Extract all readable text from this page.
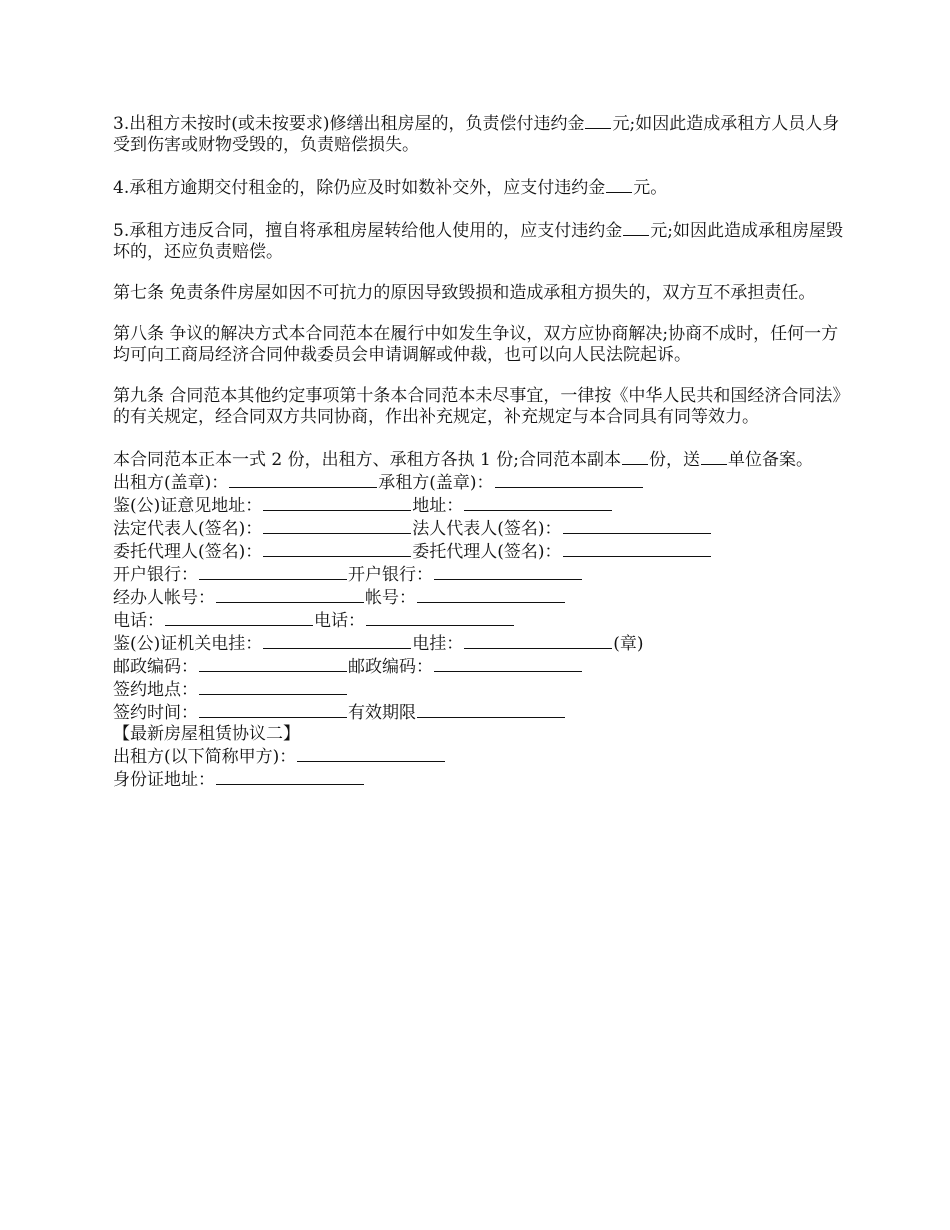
3.出租方未按时(或未按要求)修缮出租房屋的，负责偿付违约金 元;如因此造成承租方人员人身受到伤害或财物受毁的，负责赔偿损失。

4.承租方逾期交付租金的，除仍应及时如数补交外，应支付违约金 元。

5.承租方违反合同，擅自将承租房屋转给他人使用的，应支付违约金 元;如因此造成承租房屋毁坏的，还应负责赔偿。

第七条 免责条件房屋如因不可抗力的原因导致毁损和造成承租方损失的，双方互不承担责任。

第八条 争议的解决方式本合同范本在履行中如发生争议，双方应协商解决;协商不成时，任何一方均可向工商局经济合同仲裁委员会申请调解或仲裁，也可以向人民法院起诉。

第九条 合同范本其他约定事项第十条本合同范本未尽事宜，一律按《中华人民共和国经济合同法》的有关规定，经合同双方共同协商，作出补充规定，补充规定与本合同具有同等效力。

本合同范本正本一式 2 份，出租方、承租方各执 1 份;合同范本副本 份，送 单位备案。

出租方(盖章)：	承租方(盖章)：

鉴(公)证意见地址：	地址：

法定代表人(签名)：	法人代表人(签名)：

委托代理人(签名)：	委托代理人(签名)：

开户银行：	开户银行：

经办人帐号：	帐号：

电话：	电话：

鉴(公)证机关电挂：	电挂：	(章)

邮政编码：	邮政编码：

签约地点：

签约时间：	有效期限

【最新房屋租赁协议二】

出租方(以下简称甲方)：

身份证地址：
